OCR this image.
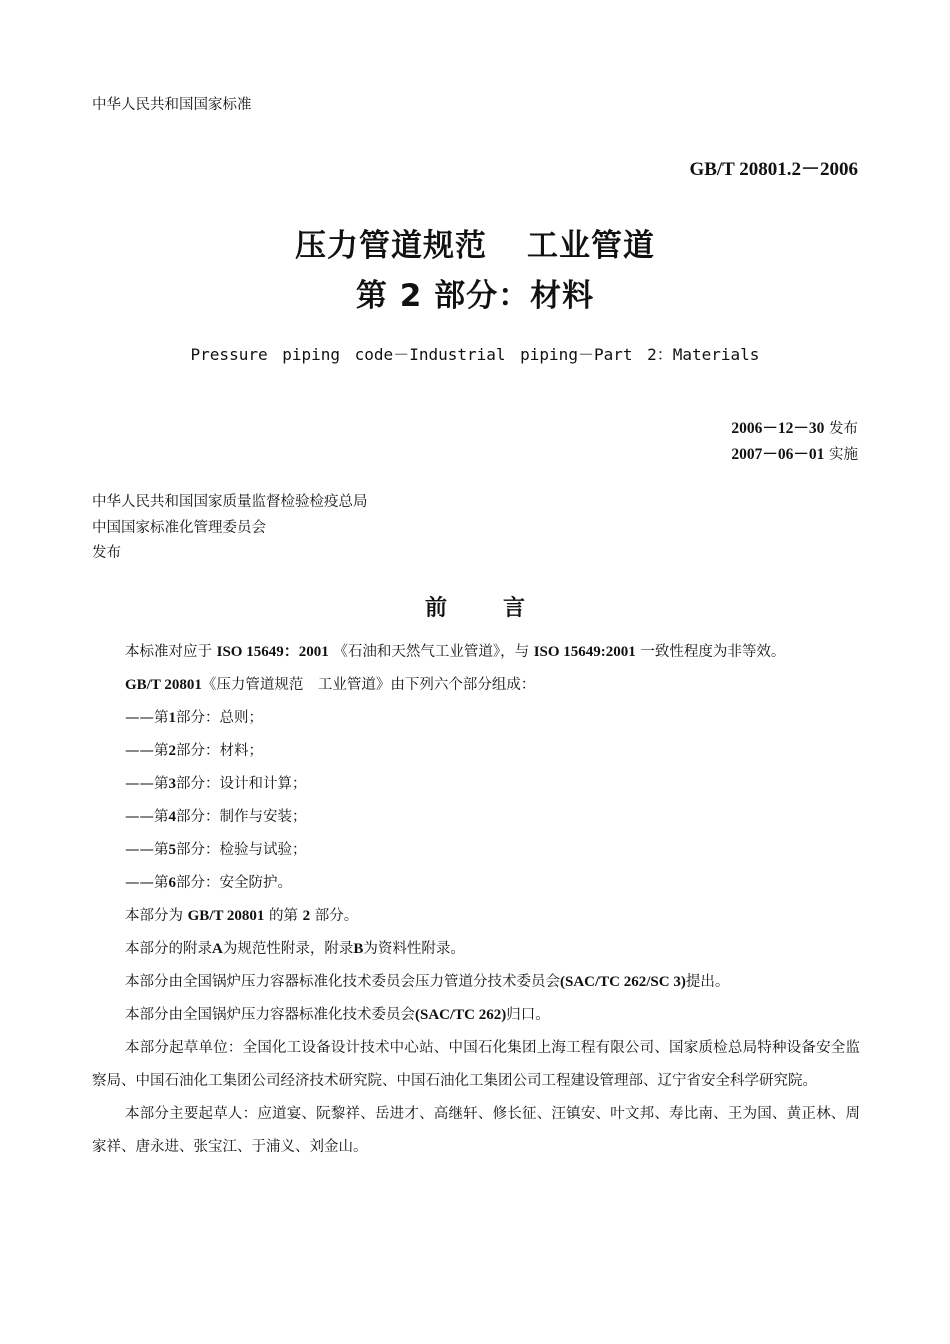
中华人民共和国国家标准
GB/T 20801.2－2006
压力管道规范 工业管道
第 2 部分：材料
Pressure piping code－Industrial piping－Part 2：Materials
2006－12－30 发布
2007－06－01 实施
中华人民共和国国家质量监督检验检疫总局
中国国家标准化管理委员会
发布
前	言

本标准对应于 ISO 15649：2001 《石油和天然气工业管道》，与 ISO 15649:2001 一致性程度为非等效。

GB/T 20801《压力管道规范　工业管道》由下列六个部分组成：

——第1部分：总则；

——第2部分：材料；

——第3部分：设计和计算；

——第4部分：制作与安装；

——第5部分：检验与试验；

——第6部分：安全防护。

本部分为 GB/T 20801 的第 2 部分。

本部分的附录A为规范性附录，附录B为资料性附录。

本部分由全国锅炉压力容器标准化技术委员会压力管道分技术委员会(SAC/TC 262/SC 3)提出。

本部分由全国锅炉压力容器标准化技术委员会(SAC/TC 262)归口。

本部分起草单位：全国化工设备设计技术中心站、中国石化集团上海工程有限公司、国家质检总局特种设备安全监察局、中国石油化工集团公司经济技术研究院、中国石油化工集团公司工程建设管理部、辽宁省安全科学研究院。

本部分主要起草人：应道宴、阮黎祥、岳进才、高继轩、修长征、汪镇安、叶文邦、寿比南、王为国、黄正林、周家祥、唐永进、张宝江、于浦义、刘金山。
